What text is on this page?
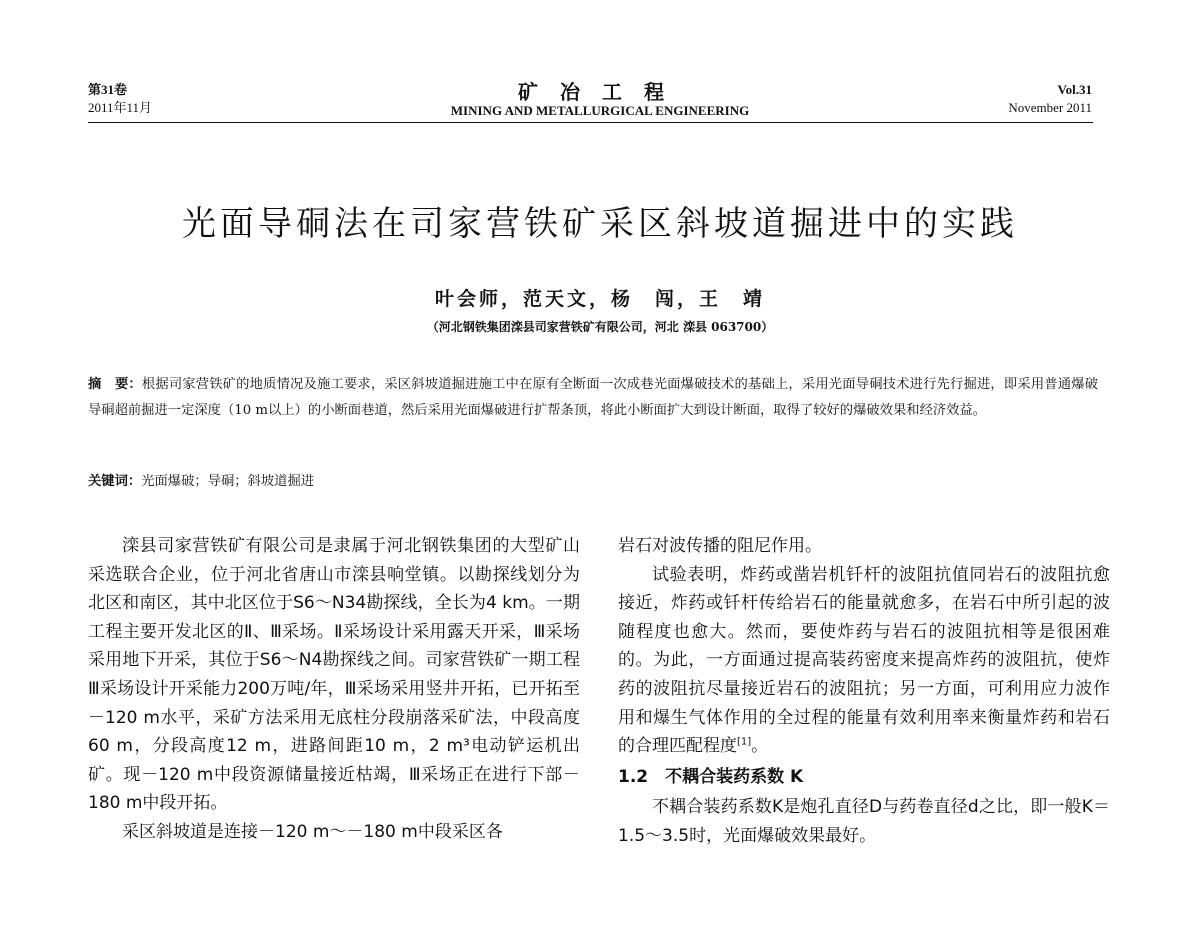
第31卷
2011年11月
矿冶工程
MINING AND METALLURGICAL ENGINEERING
Vol.31
November 2011
光面导硐法在司家营铁矿采区斜坡道掘进中的实践
叶会师，范天文，杨　闯，王　靖
（河北钢铁集团滦县司家营铁矿有限公司，河北 滦县 063700）
摘　要：根据司家营铁矿的地质情况及施工要求，采区斜坡道掘进施工中在原有全断面一次成巷光面爆破技术的基础上，采用光面导硐技术进行先行掘进，即采用普通爆破导硐超前掘进一定深度（10 m以上）的小断面巷道，然后采用光面爆破进行扩帮条顶，将此小断面扩大到设计断面，取得了较好的爆破效果和经济效益。
关键词：光面爆破；导硐；斜坡道掘进

滦县司家营铁矿有限公司是隶属于河北钢铁集团的大型矿山采选联合企业，位于河北省唐山市滦县响堂镇。以勘探线划分为北区和南区，其中北区位于S6～N34勘探线，全长为4 km。一期工程主要开发北区的Ⅱ、Ⅲ采场。Ⅱ采场设计采用露天开采，Ⅲ采场采用地下开采，其位于S6～N4勘探线之间。司家营铁矿一期工程Ⅲ采场设计开采能力200万吨/年，Ⅲ采场采用竖井开拓，已开拓至－120 m水平，采矿方法采用无底柱分段崩落采矿法，中段高度60 m，分段高度12 m，进路间距10 m，2 m³电动铲运机出矿。现－120 m中段资源储量接近枯竭，Ⅲ采场正在进行下部－180 m中段开拓。

采区斜坡道是连接－120 m～－180 m中段采区各

岩石对波传播的阻尼作用。

试验表明，炸药或凿岩机钎杆的波阻抗值同岩石的波阻抗愈接近，炸药或钎杆传给岩石的能量就愈多，在岩石中所引起的波随程度也愈大。然而，要使炸药与岩石的波阻抗相等是很困难的。为此，一方面通过提高装药密度来提高炸药的波阻抗，使炸药的波阻抗尽量接近岩石的波阻抗；另一方面，可利用应力波作用和爆生气体作用的全过程的能量有效利用率来衡量炸药和岩石的合理匹配程度[1]。

1.2　不耦合装药系数 K

不耦合装药系数K是炮孔直径D与药卷直径d之比，即一般K＝1.5～3.5时，光面爆破效果最好。
